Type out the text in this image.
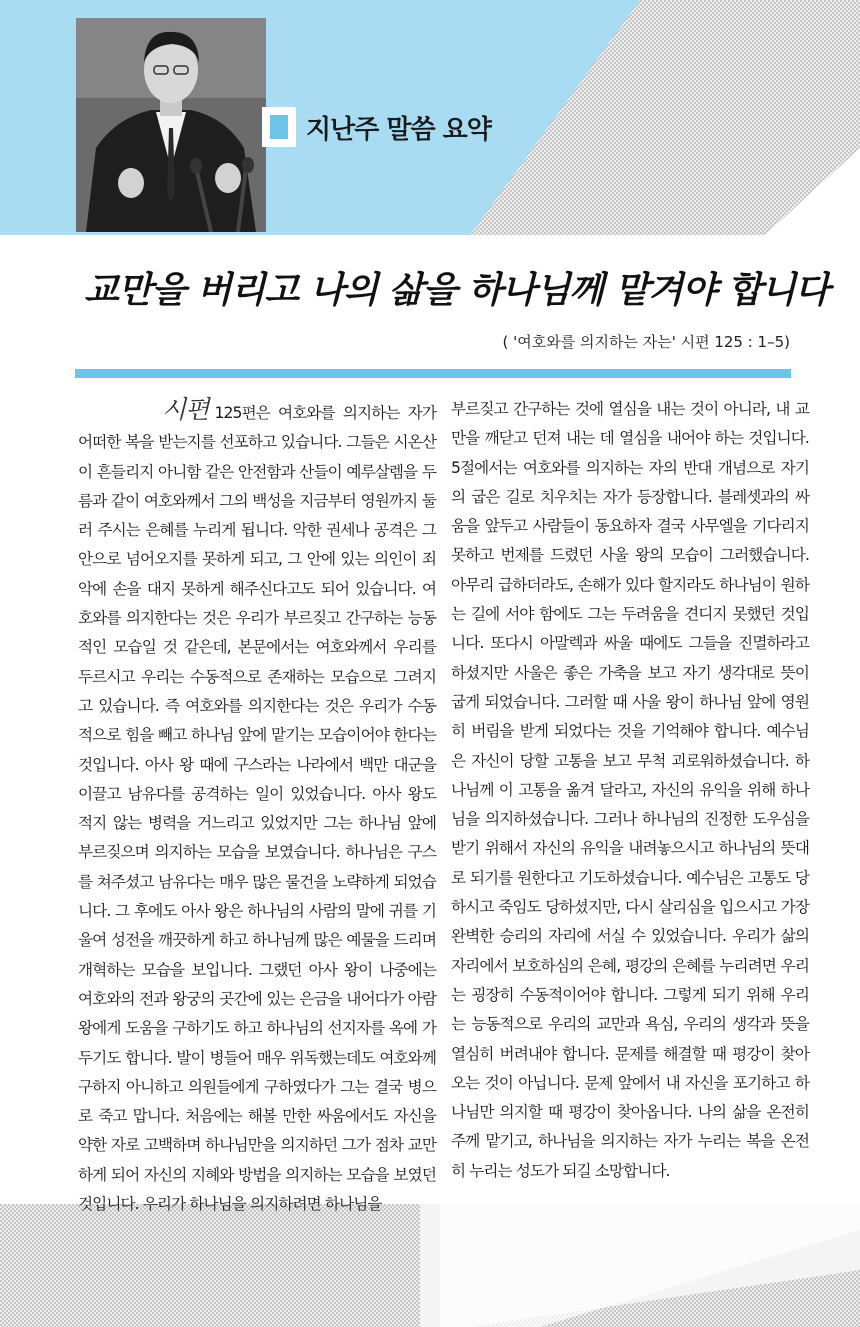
지난주 말씀 요약
교만을 버리고 나의 삶을 하나님께 맡겨야 합니다
( '여호와를 의지하는 자는' 시편 125 : 1–5)
시편 125편은 여호와를 의지하는 자가 어떠한 복을 받는지를 선포하고 있습니다. 그들은 시온산이 흔들리지 아니함 같은 안전함과 산들이 예루살렘을 두름과 같이 여호와께서 그의 백성을 지금부터 영원까지 둘러 주시는 은혜를 누리게 됩니다. 악한 권세나 공격은 그 안으로 넘어오지를 못하게 되고, 그 안에 있는 의인이 죄악에 손을 대지 못하게 해주신다고도 되어 있습니다. 여호와를 의지한다는 것은 우리가 부르짖고 간구하는 능동적인 모습일 것 같은데, 본문에서는 여호와께서 우리를 두르시고 우리는 수동적으로 존재하는 모습으로 그려지고 있습니다. 즉 여호와를 의지한다는 것은 우리가 수동적으로 힘을 빼고 하나님 앞에 맡기는 모습이어야 한다는 것입니다. 아사 왕 때에 구스라는 나라에서 백만 대군을 이끌고 남유다를 공격하는 일이 있었습니다. 아사 왕도 적지 않는 병력을 거느리고 있었지만 그는 하나님 앞에 부르짖으며 의지하는 모습을 보였습니다. 하나님은 구스를 쳐주셨고 남유다는 매우 많은 물건을 노략하게 되었습니다. 그 후에도 아사 왕은 하나님의 사람의 말에 귀를 기울여 성전을 깨끗하게 하고 하나님께 많은 예물을 드리며 개혁하는 모습을 보입니다. 그랬던 아사 왕이 나중에는 여호와의 전과 왕궁의 곳간에 있는 은금을 내어다가 아람 왕에게 도움을 구하기도 하고 하나님의 선지자를 옥에 가두기도 합니다. 발이 병들어 매우 위독했는데도 여호와께 구하지 아니하고 의원들에게 구하였다가 그는 결국 병으로 죽고 맙니다. 처음에는 해볼 만한 싸움에서도 자신을 약한 자로 고백하며 하나님만을 의지하던 그가 점차 교만하게 되어 자신의 지혜와 방법을 의지하는 모습을 보였던 것입니다. 우리가 하나님을 의지하려면 하나님을
부르짖고 간구하는 것에 열심을 내는 것이 아니라, 내 교만을 깨닫고 던져 내는 데 열심을 내어야 하는 것입니다. 5절에서는 여호와를 의지하는 자의 반대 개념으로 자기의 굽은 길로 치우치는 자가 등장합니다. 블레셋과의 싸움을 앞두고 사람들이 동요하자 결국 사무엘을 기다리지 못하고 번제를 드렸던 사울 왕의 모습이 그러했습니다. 아무리 급하더라도, 손해가 있다 할지라도 하나님이 원하는 길에 서야 함에도 그는 두려움을 견디지 못했던 것입니다. 또다시 아말렉과 싸울 때에도 그들을 진멸하라고 하셨지만 사울은 좋은 가축을 보고 자기 생각대로 뜻이 굽게 되었습니다. 그러할 때 사울 왕이 하나님 앞에 영원히 버림을 받게 되었다는 것을 기억해야 합니다. 예수님은 자신이 당할 고통을 보고 무척 괴로워하셨습니다. 하나님께 이 고통을 옮겨 달라고, 자신의 유익을 위해 하나님을 의지하셨습니다. 그러나 하나님의 진정한 도우심을 받기 위해서 자신의 유익을 내려놓으시고 하나님의 뜻대로 되기를 원한다고 기도하셨습니다. 예수님은 고통도 당하시고 죽임도 당하셨지만, 다시 살리심을 입으시고 가장 완벽한 승리의 자리에 서실 수 있었습니다. 우리가 삶의 자리에서 보호하심의 은혜, 평강의 은혜를 누리려면 우리는 굉장히 수동적이어야 합니다. 그렇게 되기 위해 우리는 능동적으로 우리의 교만과 욕심, 우리의 생각과 뜻을 열심히 버려내야 합니다. 문제를 해결할 때 평강이 찾아오는 것이 아닙니다. 문제 앞에서 내 자신을 포기하고 하나님만 의지할 때 평강이 찾아옵니다. 나의 삶을 온전히 주께 맡기고, 하나님을 의지하는 자가 누리는 복을 온전히 누리는 성도가 되길 소망합니다.
